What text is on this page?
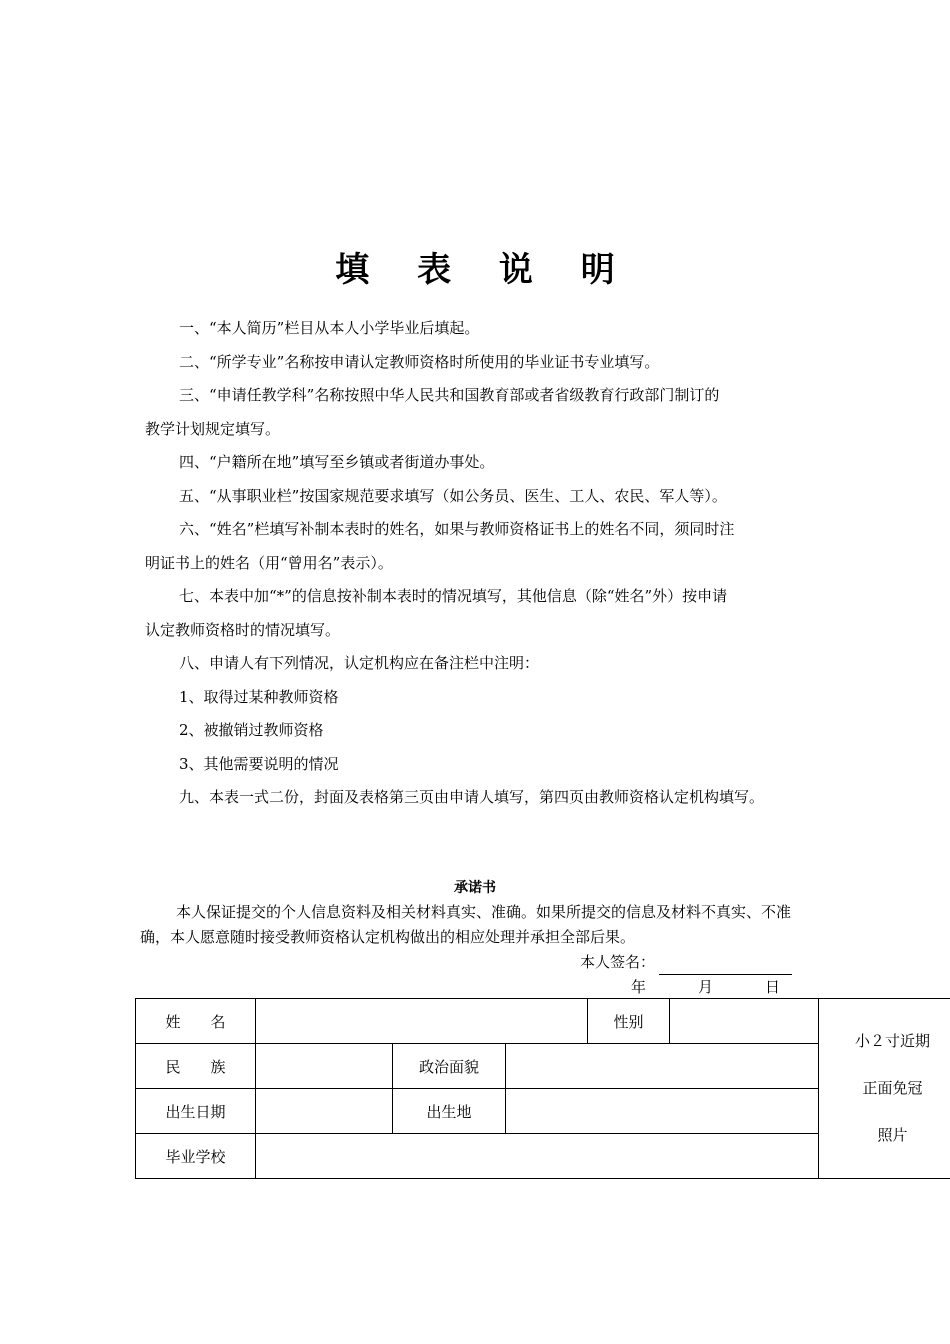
填 表 说 明

一、“本人简历”栏目从本人小学毕业后填起。

二、“所学专业”名称按申请认定教师资格时所使用的毕业证书专业填写。

三、“申请任教学科”名称按照中华人民共和国教育部或者省级教育行政部门制订的

教学计划规定填写。

四、“户籍所在地”填写至乡镇或者街道办事处。

五、“从事职业栏”按国家规范要求填写（如公务员、医生、工人、农民、军人等）。

六、“姓名”栏填写补制本表时的姓名，如果与教师资格证书上的姓名不同，须同时注

明证书上的姓名（用“曾用名”表示）。

七、本表中加“*”的信息按补制本表时的情况填写，其他信息（除“姓名”外）按申请

认定教师资格时的情况填写。

八、申请人有下列情况，认定机构应在备注栏中注明：

1、取得过某种教师资格

2、被撤销过教师资格

3、其他需要说明的情况

九、本表一式二份，封面及表格第三页由申请人填写，第四页由教师资格认定机构填写。

承诺书
本人保证提交的个人信息资料及相关材料真实、准确。如果所提交的信息及材料不真实、不准确，本人愿意随时接受教师资格认定机构做出的相应处理并承担全部后果。
本人签名：
年	月	日
姓　　名				性别		小２寸近期
正面免冠
照片

民　　族		政治面貌				
出生日期		出生地				
毕业学校						
